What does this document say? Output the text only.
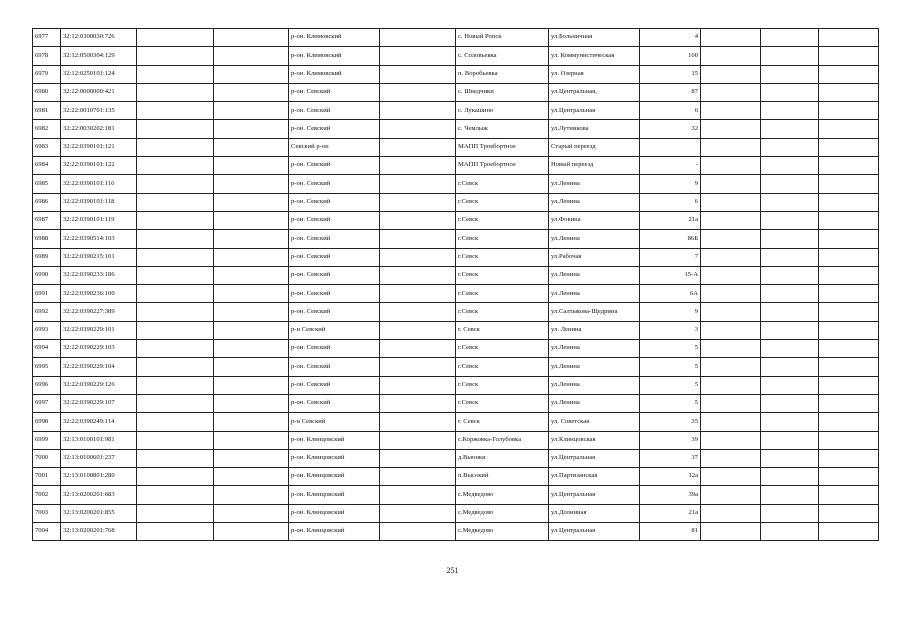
6977	32:12:0300030:726			р-он. Климовский		с. Новый Ропск	ул.Больничная	4			
6978	32:12:0500304:129			р-он. Климовский		с. Соловьевка	ул. Коммунистическая	100			
6979	32:12:0250101:124			р-он. Климовский		п. Воробьевка	ул. Озерная	15			
6980	32:22:0000000:421			р-он. Севский		с. Шведчики	ул.Центральная,	87			
6981	32:22:0010701:135			р-он. Севский		с. Лукашино	ул.Центральная	6			
6982	32:22:0030202:181			р-он. Севский		с. Чемлыж	ул.Лутникова	32			
6983	32:22:0390101:121			Севский р-он		МАПП Троебортное	Старый переезд				
6984	32:22:0390101:122			р-он. Севский		МАПП Троебортное	Новый переезд	-			
6985	32:22:0390101:116			р-он. Севский		г.Севск	ул.Ленина	9			
6986	32:22:0390101:118			р-он. Севский		г.Севск	ул.Ленина	6			
6987	32:22:0390101:119			р-он. Севский		г.Севск	ул.Фокина	21а			
6988	32:22:0390514:103			р-он. Севский		г.Севск	ул.Ленина	86Б			
6989	32:22:0390215:101			р-он. Севский		г.Севск	ул.Рабочая	7			
6990	32:22:0390233:186			р-он. Севский		г.Севск	ул.Ленина	15-А			
6991	32:22:0390236:100			р-он. Севский		г.Севск	ул.Ленина	6А			
6992	32:22:0390227:389			р-он. Севский		г.Севск	ул.Салтыкова-Щедрина	9			
6993	32:22:0390229:101			р-н Севский		г. Севск	ул. Ленина	3			
6994	32:22:0390229:103			р-он. Севский		г.Севск	ул.Ленина	5			
6995	32:22:0390229:104			р-он. Севский		г.Севск	ул.Ленина	5			
6996	32:22:0390229:126			р-он. Севский		г.Севск	ул.Ленина	5			
6997	32:22:0390229:107			р-он. Севский		г.Севск	ул.Ленина	5			
6998	32:22:0390249:114			р-н Севский		г. Севск	ул. Советская	35			
6999	32:13:0100101:981			р-он. Клинцовский		с.Коржовка-Голубовка	ул.Клинцовская	39			
7000	32:13:0100601:237			р-он. Клинцовский		д.Вьюнки	ул.Центральная	37			
7001	32:13:0100801:280			р-он. Клинцовский		п.Высокий	ул.Партизанская	12а			
7002	32:13:0200201:683			р-он. Клинцовский		с.Медведово	ул.Центральная	39а			
7003	32:13:0200201:855			р-он. Клинцовский		с.Медведово	ул.Долинная	21а			
7004	32:13:0200201:768			р-он. Клинцовский		с.Медведово	ул.Центральная	81			
251
